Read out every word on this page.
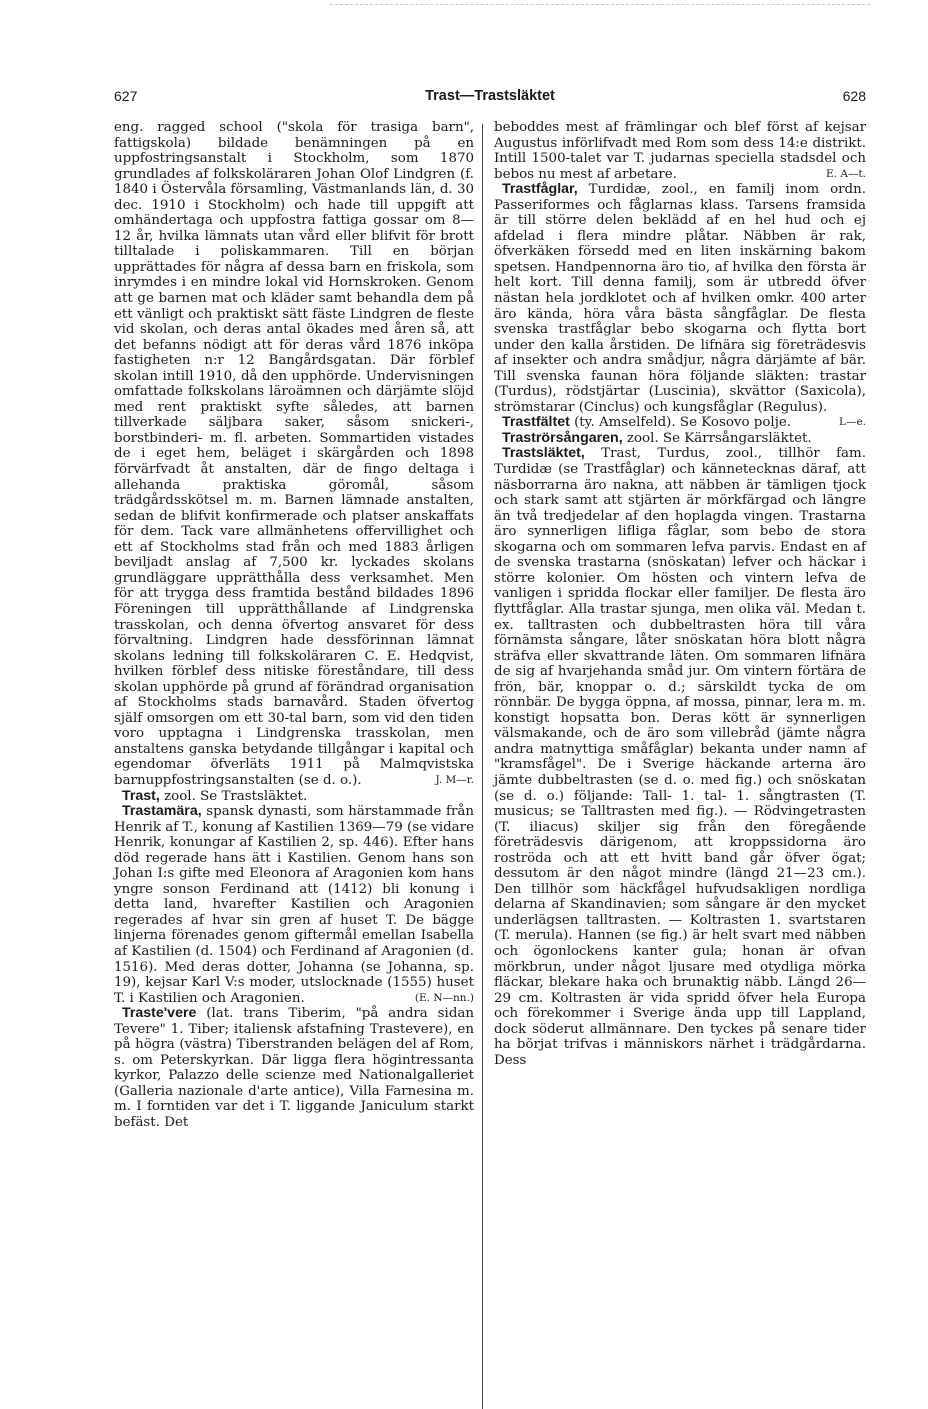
627	Trast—Trastsläktet	628

eng. ragged school ("skola för trasiga barn", fattigskola) bildade benämningen på en uppfostringsanstalt i Stockholm, som 1870 grundlades af folkskoläraren Johan Olof Lindgren (f. 1840 i Östervåla församling, Västmanlands län, d. 30 dec. 1910 i Stockholm) och hade till uppgift att omhändertaga och uppfostra fattiga gossar om 8—12 år, hvilka lämnats utan vård eller blifvit för brott tilltalade i poliskammaren. Till en början upprättades för några af dessa barn en friskola, som inrymdes i en mindre lokal vid Hornskroken. Genom att ge barnen mat och kläder samt behandla dem på ett vänligt och praktiskt sätt fäste Lindgren de fleste vid skolan, och deras antal ökades med åren så, att det befanns nödigt att för deras vård 1876 inköpa fastigheten n:r 12 Bangårdsgatan. Där förblef skolan intill 1910, då den upphörde. Undervisningen omfattade folkskolans läroämnen och därjämte slöjd med rent praktiskt syfte således, att barnen tillverkade säljbara saker, såsom snickeri-, borstbinderi- m. fl. arbeten. Sommartiden vistades de i eget hem, beläget i skärgården och 1898 förvärfvadt åt anstalten, där de fingo deltaga i allehanda praktiska göromål, såsom trädgårdsskötsel m. m. Barnen lämnade anstalten, sedan de blifvit konfirmerade och platser anskaffats för dem. Tack vare allmänhetens offervillighet och ett af Stockholms stad från och med 1883 årligen beviljadt anslag af 7,500 kr. lyckades skolans grundläggare upprätthålla dess verksamhet. Men för att trygga dess framtida bestånd bildades 1896 Föreningen till upprätthållande af Lindgrenska trasskolan, och denna öfvertog ansvaret för dess förvaltning. Lindgren hade dessförinnan lämnat skolans ledning till folkskoläraren C. E. Hedqvist, hvilken förblef dess nitiske föreståndare, till dess skolan upphörde på grund af förändrad organisation af Stockholms stads barnavård. Staden öfvertog själf omsorgen om ett 30-tal barn, som vid den tiden voro upptagna i Lindgrenska trasskolan, men anstaltens ganska betydande tillgångar i kapital och egendomar öfverläts 1911 på Malmqvistska barnuppfostringsanstalten (se d. o.).	J. M—r.

Trast, zool. Se Trastsläktet.

Trastamära, spansk dynasti, som härstammade från Henrik af T., konung af Kastilien 1369—79 (se vidare Henrik, konungar af Kastilien 2, sp. 446). Efter hans död regerade hans ätt i Kastilien. Genom hans son Johan I:s gifte med Eleonora af Aragonien kom hans yngre sonson Ferdinand att (1412) bli konung i detta land, hvarefter Kastilien och Aragonien regerades af hvar sin gren af huset T. De bägge linjerna förenades genom giftermål emellan Isabella af Kastilien (d. 1504) och Ferdinand af Aragonien (d. 1516). Med deras dotter, Johanna (se Johanna, sp. 19), kejsar Karl V:s moder, utslocknade (1555) huset T. i Kastilien och Aragonien.	(E. N—nn.)

Traste'vere (lat. trans Tiberim, "på andra sidan Tevere" 1. Tiber; italiensk afstafning Trastevere), en på högra (västra) Tiberstranden belägen del af Rom, s. om Peterskyrkan. Där ligga flera högintressanta kyrkor, Palazzo delle scienze med Nationalgalleriet (Galleria nazionale d'arte antice), Villa Farnesina m. m. I forntiden var det i T. liggande Janiculum starkt befäst. Det

beboddes mest af främlingar och blef först af kejsar Augustus införlifvadt med Rom som dess 14:e distrikt. Intill 1500-talet var T. judarnas speciella stadsdel och bebos nu mest af arbetare.	E. A—t.

Trastfåglar, Turdidæ, zool., en familj inom ordn. Passeriformes och fåglarnas klass. Tarsens framsida är till större delen beklädd af en hel hud och ej afdelad i flera mindre plåtar. Näbben är rak, öfverkäken försedd med en liten inskärning bakom spetsen. Handpennorna äro tio, af hvilka den första är helt kort. Till denna familj, som är utbredd öfver nästan hela jordklotet och af hvilken omkr. 400 arter äro kända, höra våra bästa sångfåglar. De flesta svenska trastfåglar bebo skogarna och flytta bort under den kalla årstiden. De lifnära sig företrädesvis af insekter och andra smådjur, några därjämte af bär. Till svenska faunan höra följande släkten: trastar (Turdus), rödstjärtar (Luscinia), skvättor (Saxicola), strömstarar (Cinclus) och kungsfåglar (Regulus).
L—e.

Trastfältet (ty. Amselfeld). Se Kosovo polje.

Traströrsångaren, zool. Se Kärrsångarsläktet.

Trastsläktet, Trast, Turdus, zool., tillhör fam. Turdidæ (se Trastfåglar) och kännetecknas däraf, att näsborrarna äro nakna, att näbben är tämligen tjock och stark samt att stjärten är mörkfärgad och längre än två tredjedelar af den hoplagda vingen. Trastarna äro synnerligen lifliga fåglar, som bebo de stora skogarna och om sommaren lefva parvis. Endast en af de svenska trastarna (snöskatan) lefver och häckar i större kolonier. Om hösten och vintern lefva de vanligen i spridda flockar eller familjer. De flesta äro flyttfåglar. Alla trastar sjunga, men olika väl. Medan t. ex. talltrasten och dubbeltrasten höra till våra förnämsta sångare, låter snöskatan höra blott några sträfva eller skvattrande läten. Om sommaren lifnära de sig af hvarjehanda småd jur. Om vintern förtära de frön, bär, knoppar o. d.; särskildt tycka de om rönnbär. De bygga öppna, af mossa, pinnar, lera m. m. konstigt hopsatta bon. Deras kött är synnerligen välsmakande, och de äro som villebråd (jämte några andra matnyttiga småfåglar) bekanta under namn af "kramsfågel". De i Sverige häckande arterna äro jämte dubbeltrasten (se d. o. med fig.) och snöskatan (se d. o.) följande: Tall- 1. tal- 1. sångtrasten (T. musicus; se Talltrasten med fig.). — Rödvingetrasten (T. iliacus) skiljer sig från den föregående företrädesvis därigenom, att kroppssidorna äro roströda och att ett hvitt band går öfver ögat; dessutom är den något mindre (längd 21—23 cm.). Den tillhör som häckfågel hufvudsakligen nordliga delarna af Skandinavien; som sångare är den mycket underlägsen talltrasten. — Koltrasten 1. svartstaren (T. merula). Hannen (se fig.) är helt svart med näbben och ögonlockens kanter gula; honan är ofvan mörkbrun, under något ljusare med otydliga mörka fläckar, blekare haka och brunaktig näbb. Längd 26—29 cm. Koltrasten är vida spridd öfver hela Europa och förekommer i Sverige ända upp till Lappland, dock söderut allmännare. Den tyckes på senare tider ha börjat trifvas i människors närhet i trädgårdarna. Dess
